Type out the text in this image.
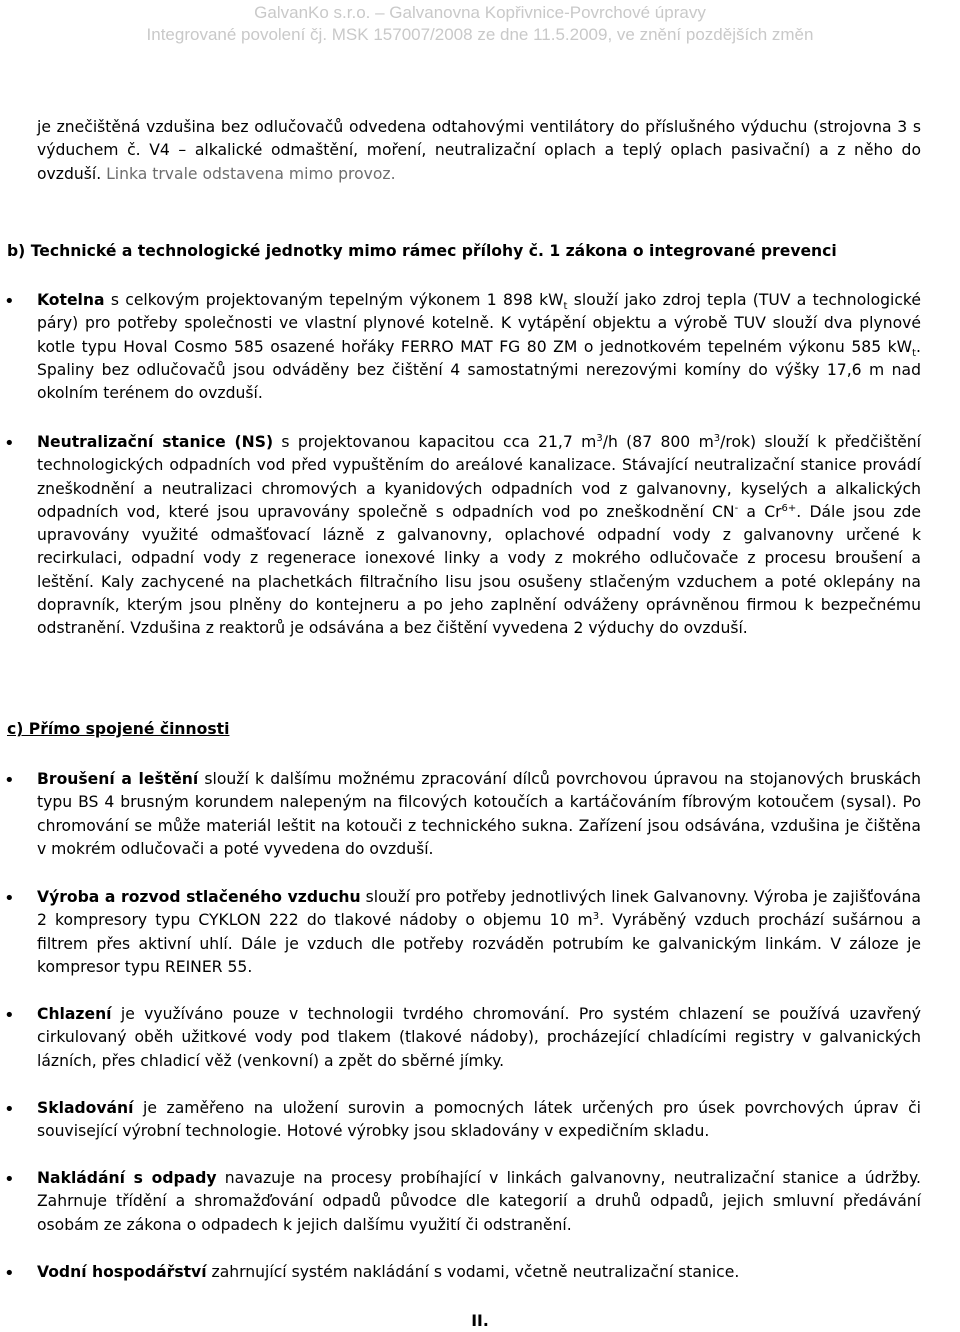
GalvanKo s.r.o. – Galvanovna Kopřivnice-Povrchové úpravy
Integrované povolení čj. MSK 157007/2008 ze dne 11.5.2009, ve znění pozdějších změn
je znečištěná vzdušina bez odlučovačů odvedena odtahovými ventilátory do příslušného výduchu (strojovna 3 s výduchem č. V4 – alkalické odmaštění, moření, neutralizační oplach a teplý oplach pasivační) a z něho do ovzduší. Linka trvale odstavena mimo provoz.
b) Technické a technologické jednotky mimo rámec přílohy č. 1 zákona o integrované prevenci
• Kotelna s celkovým projektovaným tepelným výkonem 1 898 $kW_t$ slouží jako zdroj tepla (TUV a technologické páry) pro potřeby společnosti ve vlastní plynové kotelně. K vytápění objektu a výrobě TUV slouží dva plynové kotle typu Hoval Cosmo 585 osazené hořáky FERRO MAT FG 80 ZM o jednotkovém tepelném výkonu 585 $kW_t$. Spaliny bez odlučovačů jsou odváděny bez čištění 4 samostatnými nerezovými komíny do výšky 17,6 m nad okolním terénem do ovzduší.
• Neutralizační stanice (NS) s projektovanou kapacitou cca 21,7 $m^3/h$ (87 800 $m^3/rok$) slouží k předčištění technologických odpadních vod před vypuštěním do areálové kanalizace. Stávající neutralizační stanice provádí zneškodnění a neutralizaci chromových a kyanidových odpadních vod z galvanovny, kyselých a alkalických odpadních vod, které jsou upravovány společně s odpadních vod po zneškodnění CN- a $Cr^{6+}$. Dále jsou zde upravovány využité odmašťovací lázně z galvanovny, oplachové odpadní vody z galvanovny určené k recirkulaci, odpadní vody z regenerace ionexové linky a vody z mokrého odlučovače z procesu broušení a leštění. Kaly zachycené na plachetkách filtračního lisu jsou osušeny stlačeným vzduchem a poté oklepány na dopravník, kterým jsou plněny do kontejneru a po jeho zaplnění odváženy oprávněnou firmou k bezpečnému odstranění. Vzdušina z reaktorů je odsávána a bez čištění vyvedena 2 výduchy do ovzduší.
c) Přímo spojené činnosti
• Broušení a leštění slouží k dalšímu možnému zpracování dílců povrchovou úpravou na stojanových bruskách typu BS 4 brusným korundem nalepeným na filcových kotoučích a kartáčováním fíbrovým kotoučem (sysal). Po chromování se může materiál leštit na kotouči z technického sukna. Zařízení jsou odsávána, vzdušina je čištěna v mokrém odlučovači a poté vyvedena do ovzduší.
• Výroba a rozvod stlačeného vzduchu slouží pro potřeby jednotlivých linek Galvanovny. Výroba je zajišťována 2 kompresory typu CYKLON 222 do tlakové nádoby o objemu 10 $m^3$. Vyráběný vzduch prochází sušárnou a filtrem přes aktivní uhlí. Dále je vzduch dle potřeby rozváděn potrubím ke galvanickým linkám. V záloze je kompresor typu REINER 55.
• Chlazení je využíváno pouze v technologii tvrdého chromování. Pro systém chlazení se používá uzavřený cirkulovaný oběh užitkové vody pod tlakem (tlakové nádoby), procházející chladícími registry v galvanických lázních, přes chladicí věž (venkovní) a zpět do sběrné jímky.
• Skladování je zaměřeno na uložení surovin a pomocných látek určených pro úsek povrchových úprav či související výrobní technologie. Hotové výrobky jsou skladovány v expedičním skladu.
• Nakládání s odpady navazuje na procesy probíhající v linkách galvanovny, neutralizační stanice a údržby. Zahrnuje třídění a shromažďování odpadů původce dle kategorií a druhů odpadů, jejich smluvní předávání osobám ze zákona o odpadech k jejich dalšímu využití či odstranění.
• Vodní hospodářství zahrnující systém nakládání s vodami, včetně neutralizační stanice.
II.
